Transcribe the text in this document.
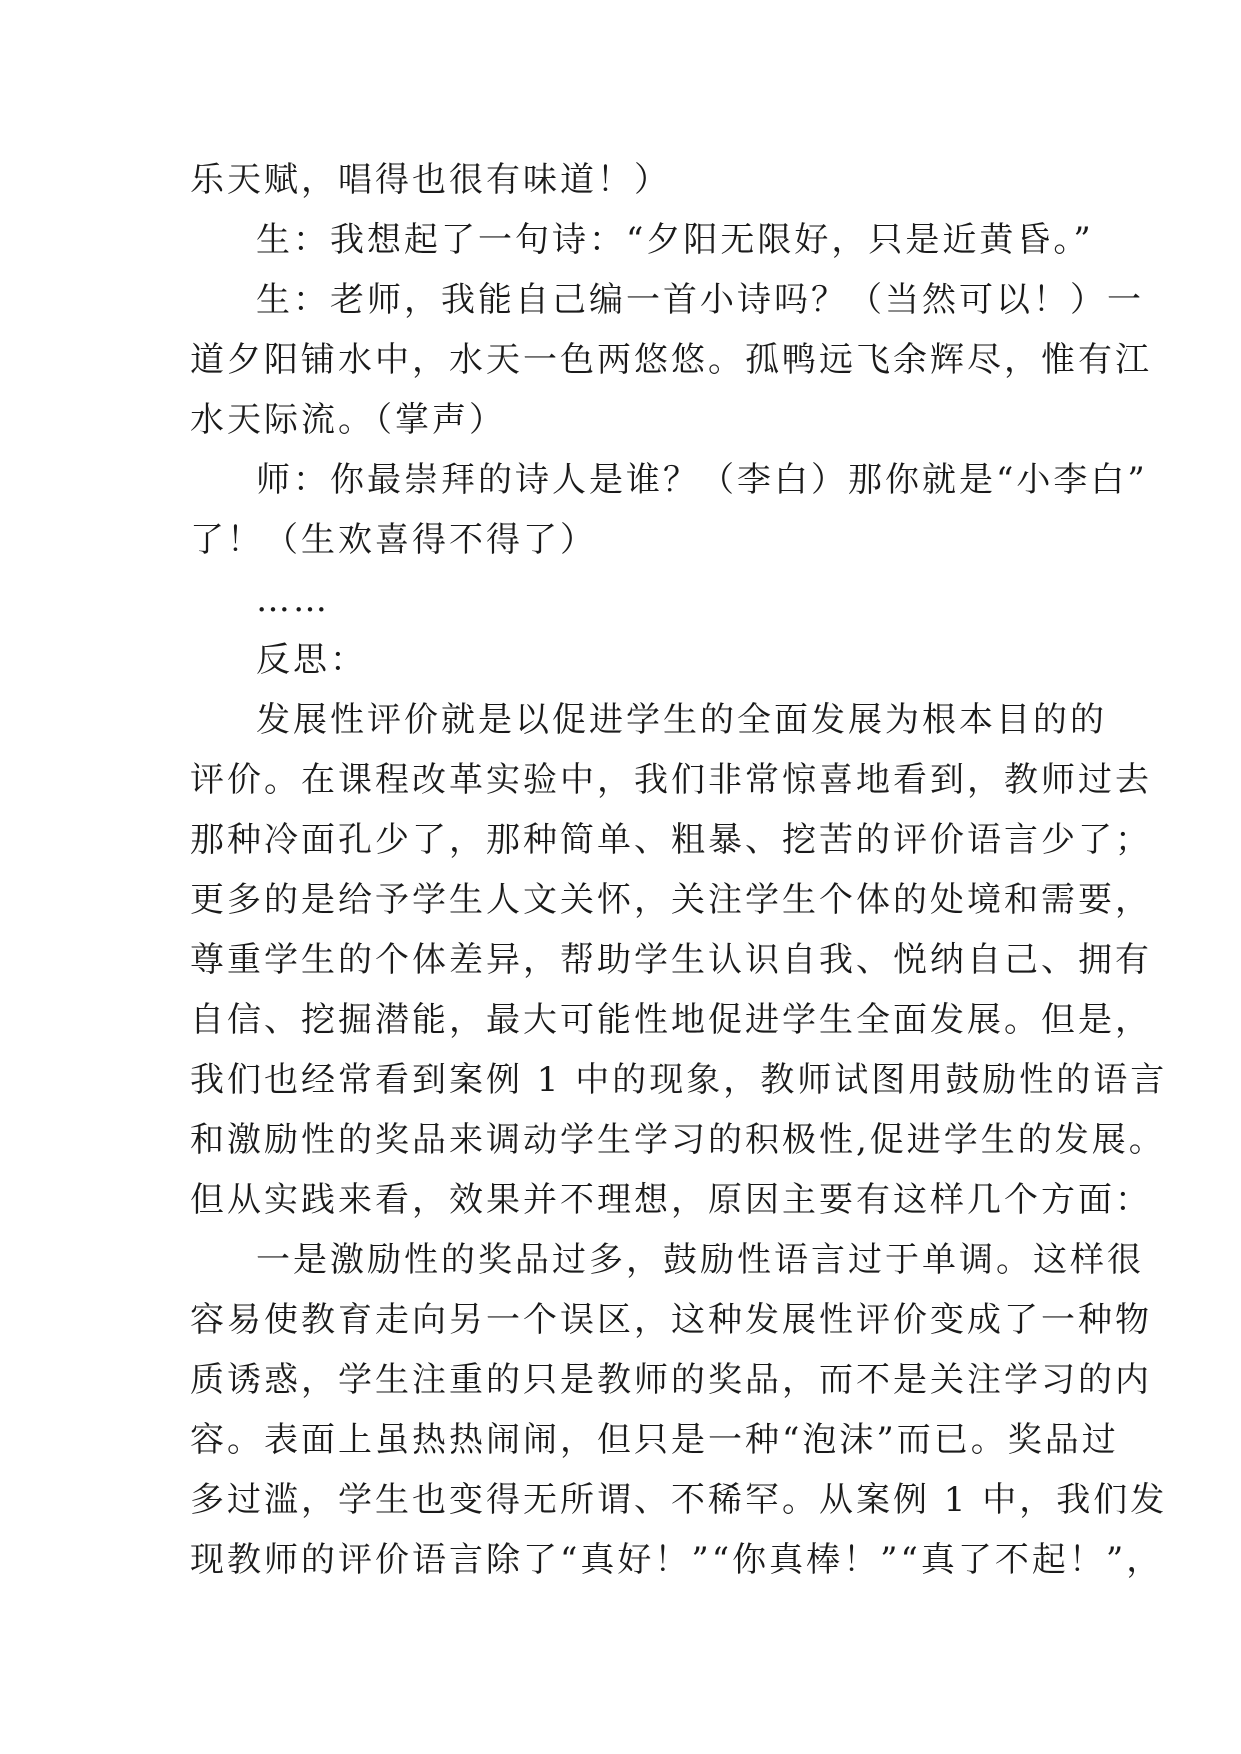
乐天赋，唱得也很有味道！）
生：我想起了一句诗：“夕阳无限好，只是近黄昏。”
生：老师，我能自己编一首小诗吗？（当然可以！）一
道夕阳铺水中，水天一色两悠悠。孤鸭远飞余辉尽，惟有江
水天际流。（掌声）
师：你最崇拜的诗人是谁？（李白）那你就是“小李白”
了！（生欢喜得不得了）
……
反思：
发展性评价就是以促进学生的全面发展为根本目的的
评价。在课程改革实验中，我们非常惊喜地看到，教师过去
那种冷面孔少了，那种简单、粗暴、挖苦的评价语言少了；
更多的是给予学生人文关怀，关注学生个体的处境和需要，
尊重学生的个体差异，帮助学生认识自我、悦纳自己、拥有
自信、挖掘潜能，最大可能性地促进学生全面发展。但是，
我们也经常看到案例 1 中的现象，教师试图用鼓励性的语言
和激励性的奖品来调动学生学习的积极性,促进学生的发展。
但从实践来看，效果并不理想，原因主要有这样几个方面：
一是激励性的奖品过多，鼓励性语言过于单调。这样很
容易使教育走向另一个误区，这种发展性评价变成了一种物
质诱惑，学生注重的只是教师的奖品，而不是关注学习的内
容。表面上虽热热闹闹，但只是一种“泡沫”而已。奖品过
多过滥，学生也变得无所谓、不稀罕。从案例 1 中，我们发
现教师的评价语言除了“真好！”“你真棒！”“真了不起！”，
